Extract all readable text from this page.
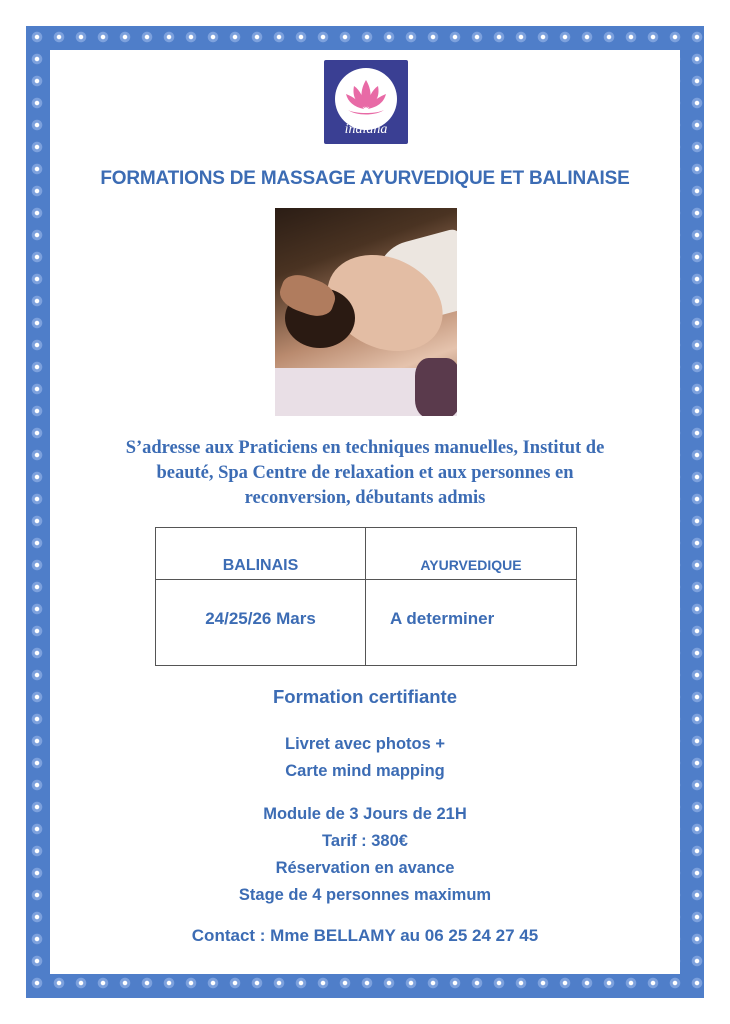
indiana
FORMATIONS DE MASSAGE AYURVEDIQUE ET BALINAISE
S’adresse aux Praticiens en techniques manuelles, Institut de
beauté, Spa Centre de relaxation et aux personnes en
reconversion, débutants admis
BALINAIS	AYURVEDIQUE
24/25/26 Mars	A determiner
Formation certifiante
Livret avec photos +
Carte mind mapping
Module de 3 Jours de 21H
Tarif : 380€
Réservation en avance
Stage de 4 personnes maximum
Contact : Mme BELLAMY au 06 25 24 27 45
